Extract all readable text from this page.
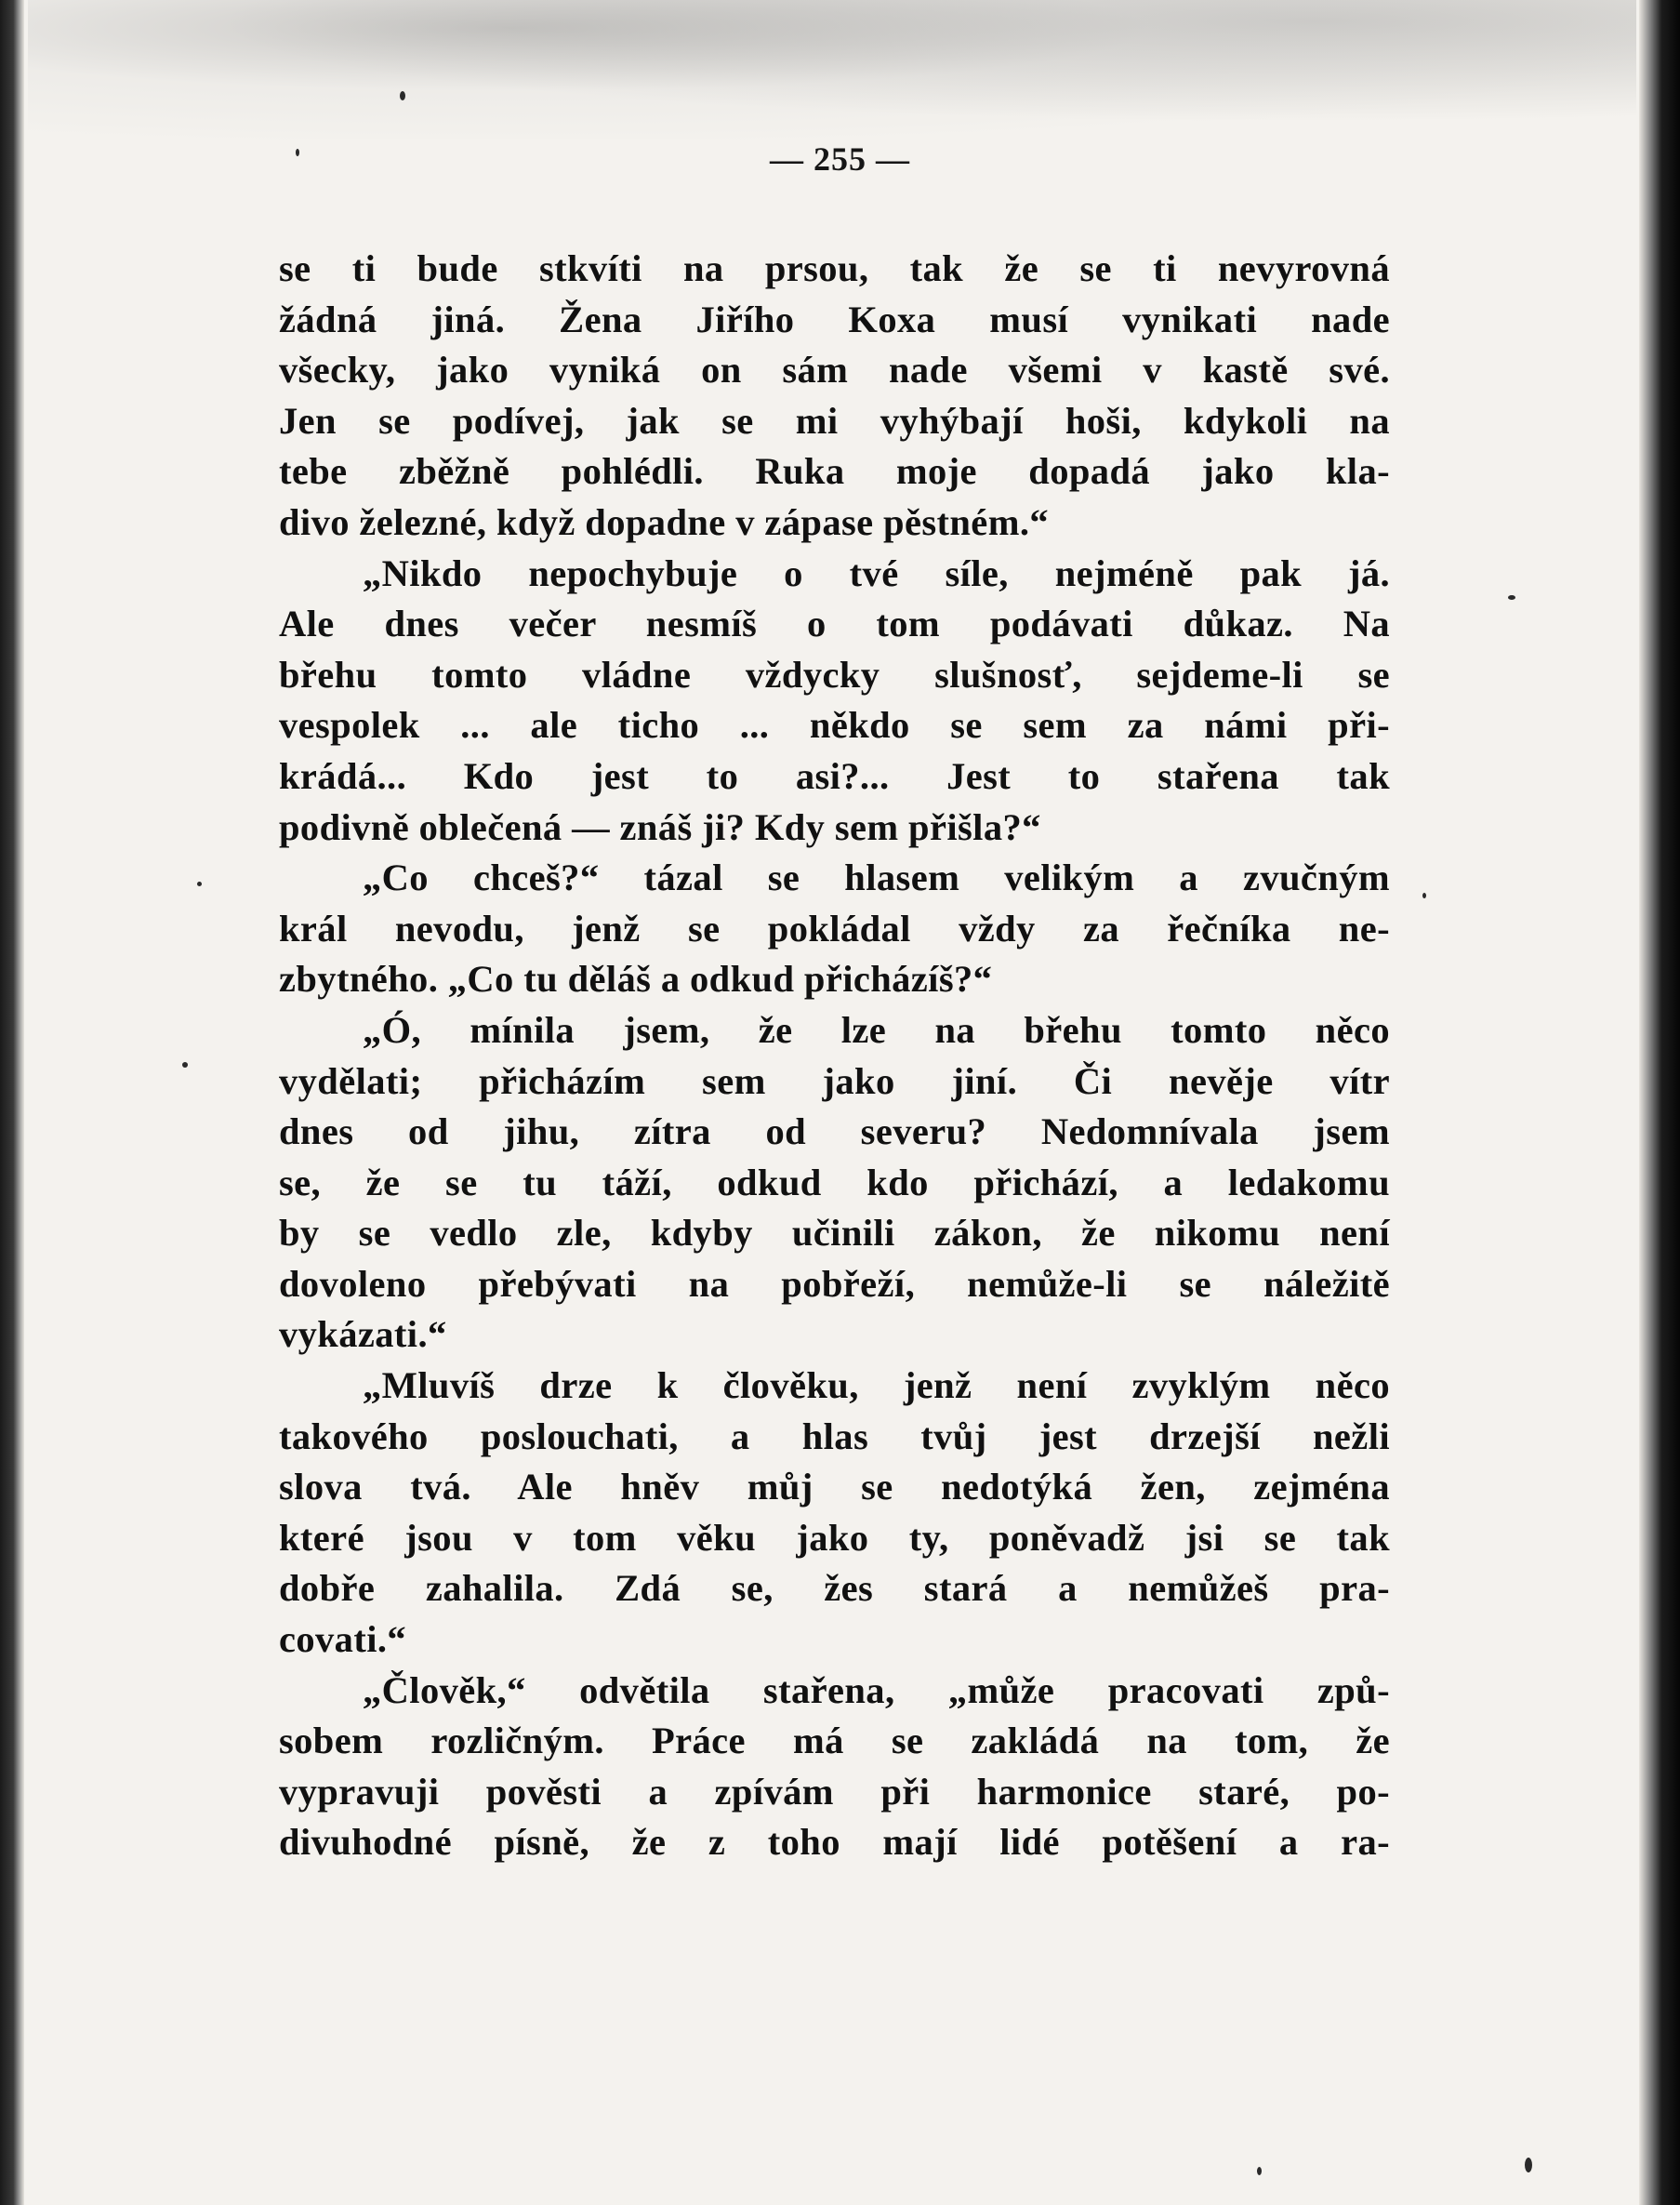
— 255 —
se ti bude stkvíti na prsou, tak že se ti nevyrovná
žádná jiná. Žena Jiřího Koxa musí vynikati nade
všecky, jako vyniká on sám nade všemi v kastě své.
Jen se podívej, jak se mi vyhýbají hoši, kdykoli na
tebe zběžně pohlédli. Ruka moje dopadá jako kla-
divo železné, když dopadne v zápase pěstném.“
„Nikdo nepochybuje o tvé síle, nejméně pak já.
Ale dnes večer nesmíš o tom podávati důkaz. Na
břehu tomto vládne vždycky slušnosť, sejdeme-li se
vespolek ... ale ticho ... někdo se sem za námi při-
krádá... Kdo jest to asi?... Jest to stařena tak
podivně oblečená — znáš ji? Kdy sem přišla?“
„Co chceš?“ tázal se hlasem velikým a zvučným
král nevodu, jenž se pokládal vždy za řečníka ne-
zbytného. „Co tu děláš a odkud přicházíš?“
„Ó, mínila jsem, že lze na břehu tomto něco
vydělati; přicházím sem jako jiní. Či nevěje vítr
dnes od jihu, zítra od severu? Nedomnívala jsem
se, že se tu táží, odkud kdo přichází, a ledakomu
by se vedlo zle, kdyby učinili zákon, že nikomu není
dovoleno přebývati na pobřeží, nemůže-li se náležitě
vykázati.“
„Mluvíš drze k člověku, jenž není zvyklým něco
takového poslouchati, a hlas tvůj jest drzejší nežli
slova tvá. Ale hněv můj se nedotýká žen, zejména
které jsou v tom věku jako ty, poněvadž jsi se tak
dobře zahalila. Zdá se, žes stará a nemůžeš pra-
covati.“
„Člověk,“ odvětila stařena, „může pracovati způ-
sobem rozličným. Práce má se zakládá na tom, že
vypravuji pověsti a zpívám při harmonice staré, po-
divuhodné písně, že z toho mají lidé potěšení a ra-
